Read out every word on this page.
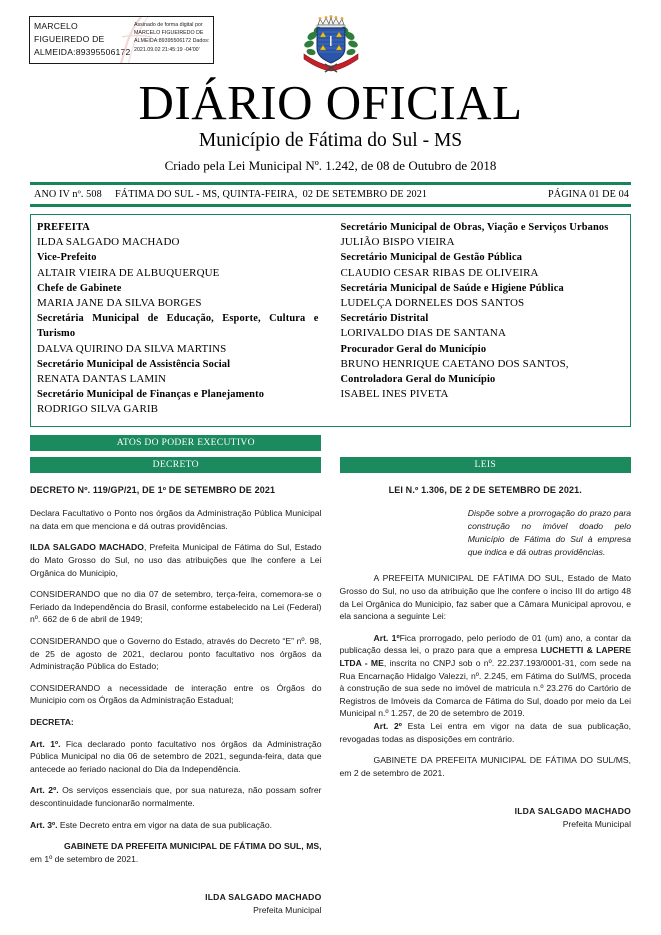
MARCELO FIGUEIREDO DE ALMEIDA:89395506172
Assinado de forma digital por MARCELO FIGUEIREDO DE ALMEIDA:89395506172 Dados: 2021.09.02 21:45:19 -04'00'
DIÁRIO OFICIAL
Município de Fátima do Sul - MS
Criado pela Lei Municipal Nº. 1.242, de 08 de Outubro de 2018
ANO IV nº. 508     FÁTIMA DO SUL - MS, QUINTA-FEIRA,  02 DE SETEMBRO DE 2021	PÁGINA 01 DE 04
PREFEITA
ILDA SALGADO MACHADO
Vice-Prefeito
ALTAIR VIEIRA DE ALBUQUERQUE
Chefe de Gabinete
MARIA JANE DA SILVA BORGES
Secretária Municipal de Educação, Esporte, Cultura e Turismo
DALVA QUIRINO DA SILVA MARTINS
Secretário Municipal de Assistência Social
RENATA DANTAS LAMIN
Secretário Municipal de Finanças e Planejamento
RODRIGO SILVA GARIB
Secretário Municipal de Obras, Viação e Serviços Urbanos
JULIÃO BISPO VIEIRA
Secretário Municipal de Gestão Pública
CLAUDIO CESAR RIBAS DE OLIVEIRA
Secretária Municipal de Saúde e Higiene Pública
LUDELÇA DORNELES DOS SANTOS
Secretário Distrital
LORIVALDO DIAS DE SANTANA
Procurador Geral do Município
BRUNO HENRIQUE CAETANO DOS SANTOS,
Controladora Geral do Município
ISABEL INES PIVETA
ATOS DO PODER EXECUTIVO
DECRETO	LEIS
DECRETO Nº. 119/GP/21, DE 1º DE SETEMBRO DE 2021

Declara Facultativo o Ponto nos órgãos da Administração Pública Municipal na data em que menciona e dá outras providências.

ILDA SALGADO MACHADO, Prefeita Municipal de Fátima do Sul, Estado do Mato Grosso do Sul, no uso das atribuições que lhe confere a Lei Orgânica do Municipio,

CONSIDERANDO que no dia 07 de setembro, terça-feira, comemora-se o Feriado da Independência do Brasil, conforme estabelecido na Lei (Federal) nº. 662 de 6 de abril de 1949;

CONSIDERANDO que o Governo do Estado, através do Decreto “E” nº. 98, de 25 de agosto de 2021, declarou ponto facultativo nos órgãos da Administração Pública do Estado;

CONSIDERANDO a necessidade de interação entre os Órgãos do Municipio com os Órgãos da Administração Estadual;

DECRETA:

Art. 1º. Fica declarado ponto facultativo nos órgãos da Administração Pública Municipal no dia 06 de setembro de 2021, segunda-feira, data que antecede ao feriado nacional do Dia da Independência.

Art. 2º. Os serviços essenciais que, por sua natureza, não possam sofrer descontinuidade funcionarão normalmente.

Art. 3º. Este Decreto entra em vigor na data de sua publicação.

GABINETE DA PREFEITA MUNICIPAL DE FÁTIMA DO SUL, MS, em 1º de setembro de 2021.

ILDA SALGADO MACHADO
Prefeita Municipal
LEI N.º 1.306, DE 2 DE SETEMBRO DE 2021.
Dispõe sobre a prorrogação do prazo para construção no imóvel doado pelo Município de Fátima do Sul à empresa que indica e dá outras providências.

A PREFEITA MUNICIPAL DE FÁTIMA DO SUL, Estado de Mato Grosso do Sul, no uso da atribuição que lhe confere o inciso III do artigo 48 da Lei Orgânica do Municipio, faz saber que a Câmara Municipal aprovou, e ela sanciona a seguinte Lei:

Art. 1ºFica prorrogado, pelo período de 01 (um) ano, a contar da publicação dessa lei, o prazo para que a empresa LUCHETTI & LAPERE LTDA - ME, inscrita no CNPJ sob o nº. 22.237.193/0001-31, com sede na Rua Encarnação Hidalgo Valezzi, nº. 2.245, em Fátima do Sul/MS, proceda à construção de sua sede no imóvel de matricula n.º 23.276 do Cartório de Registros de Imóveis da Comarca de Fátima do Sul, doado por meio da Lei Municipal n.º 1.257, de 20 de setembro de 2019.

Art. 2º Esta Lei entra em vigor na data de sua publicação, revogadas todas as disposições em contrário.

GABINETE DA PREFEITA MUNICIPAL DE FÁTIMA DO SUL/MS, em 2 de setembro de 2021.

ILDA SALGADO MACHADO
Prefeita Municipal
